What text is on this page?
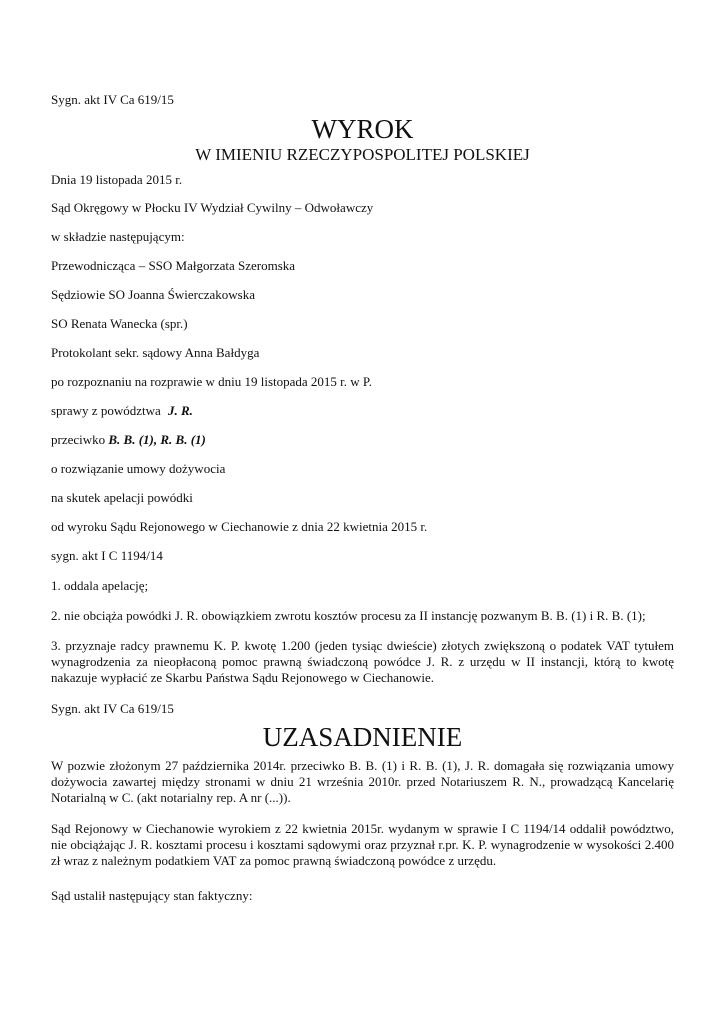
Sygn. akt IV Ca 619/15
WYROK
W IMIENIU RZECZYPOSPOLITEJ POLSKIEJ
Dnia 19 listopada 2015 r.
Sąd Okręgowy w Płocku IV Wydział Cywilny – Odwoławczy
w składzie następującym:
Przewodnicząca – SSO Małgorzata Szeromska
Sędziowie SO Joanna Świerczakowska
SO Renata Wanecka (spr.)
Protokolant sekr. sądowy Anna Bałdyga
po rozpoznaniu na rozprawie w dniu 19 listopada 2015 r. w P.
sprawy z powództwa J. R.
przeciwko B. B. (1), R. B. (1)
o rozwiązanie umowy dożywocia
na skutek apelacji powódki
od wyroku Sądu Rejonowego w Ciechanowie z dnia 22 kwietnia 2015 r.
sygn. akt I C 1194/14
1. oddala apelację;
2. nie obciąża powódki J. R. obowiązkiem zwrotu kosztów procesu za II instancję pozwanym B. B. (1) i R. B. (1);
3. przyznaje radcy prawnemu K. P. kwotę 1.200 (jeden tysiąc dwieście) złotych zwiększoną o podatek VAT tytułem wynagrodzenia za nieopłaconą pomoc prawną świadczoną powódce J. R. z urzędu w II instancji, którą to kwotę nakazuje wypłacić ze Skarbu Państwa Sądu Rejonowego w Ciechanowie.
Sygn. akt IV Ca 619/15
UZASADNIENIE
W pozwie złożonym 27 października 2014r. przeciwko B. B. (1) i R. B. (1), J. R. domagała się rozwiązania umowy dożywocia zawartej między stronami w dniu 21 września 2010r. przed Notariuszem R. N., prowadzącą Kancelarię Notarialną w C. (akt notarialny rep. A nr (...)).
Sąd Rejonowy w Ciechanowie wyrokiem z 22 kwietnia 2015r. wydanym w sprawie I C 1194/14 oddalił powództwo, nie obciążając J. R. kosztami procesu i kosztami sądowymi oraz przyznał r.pr. K. P. wynagrodzenie w wysokości 2.400 zł wraz z należnym podatkiem VAT za pomoc prawną świadczoną powódce z urzędu.
Sąd ustalił następujący stan faktyczny:
